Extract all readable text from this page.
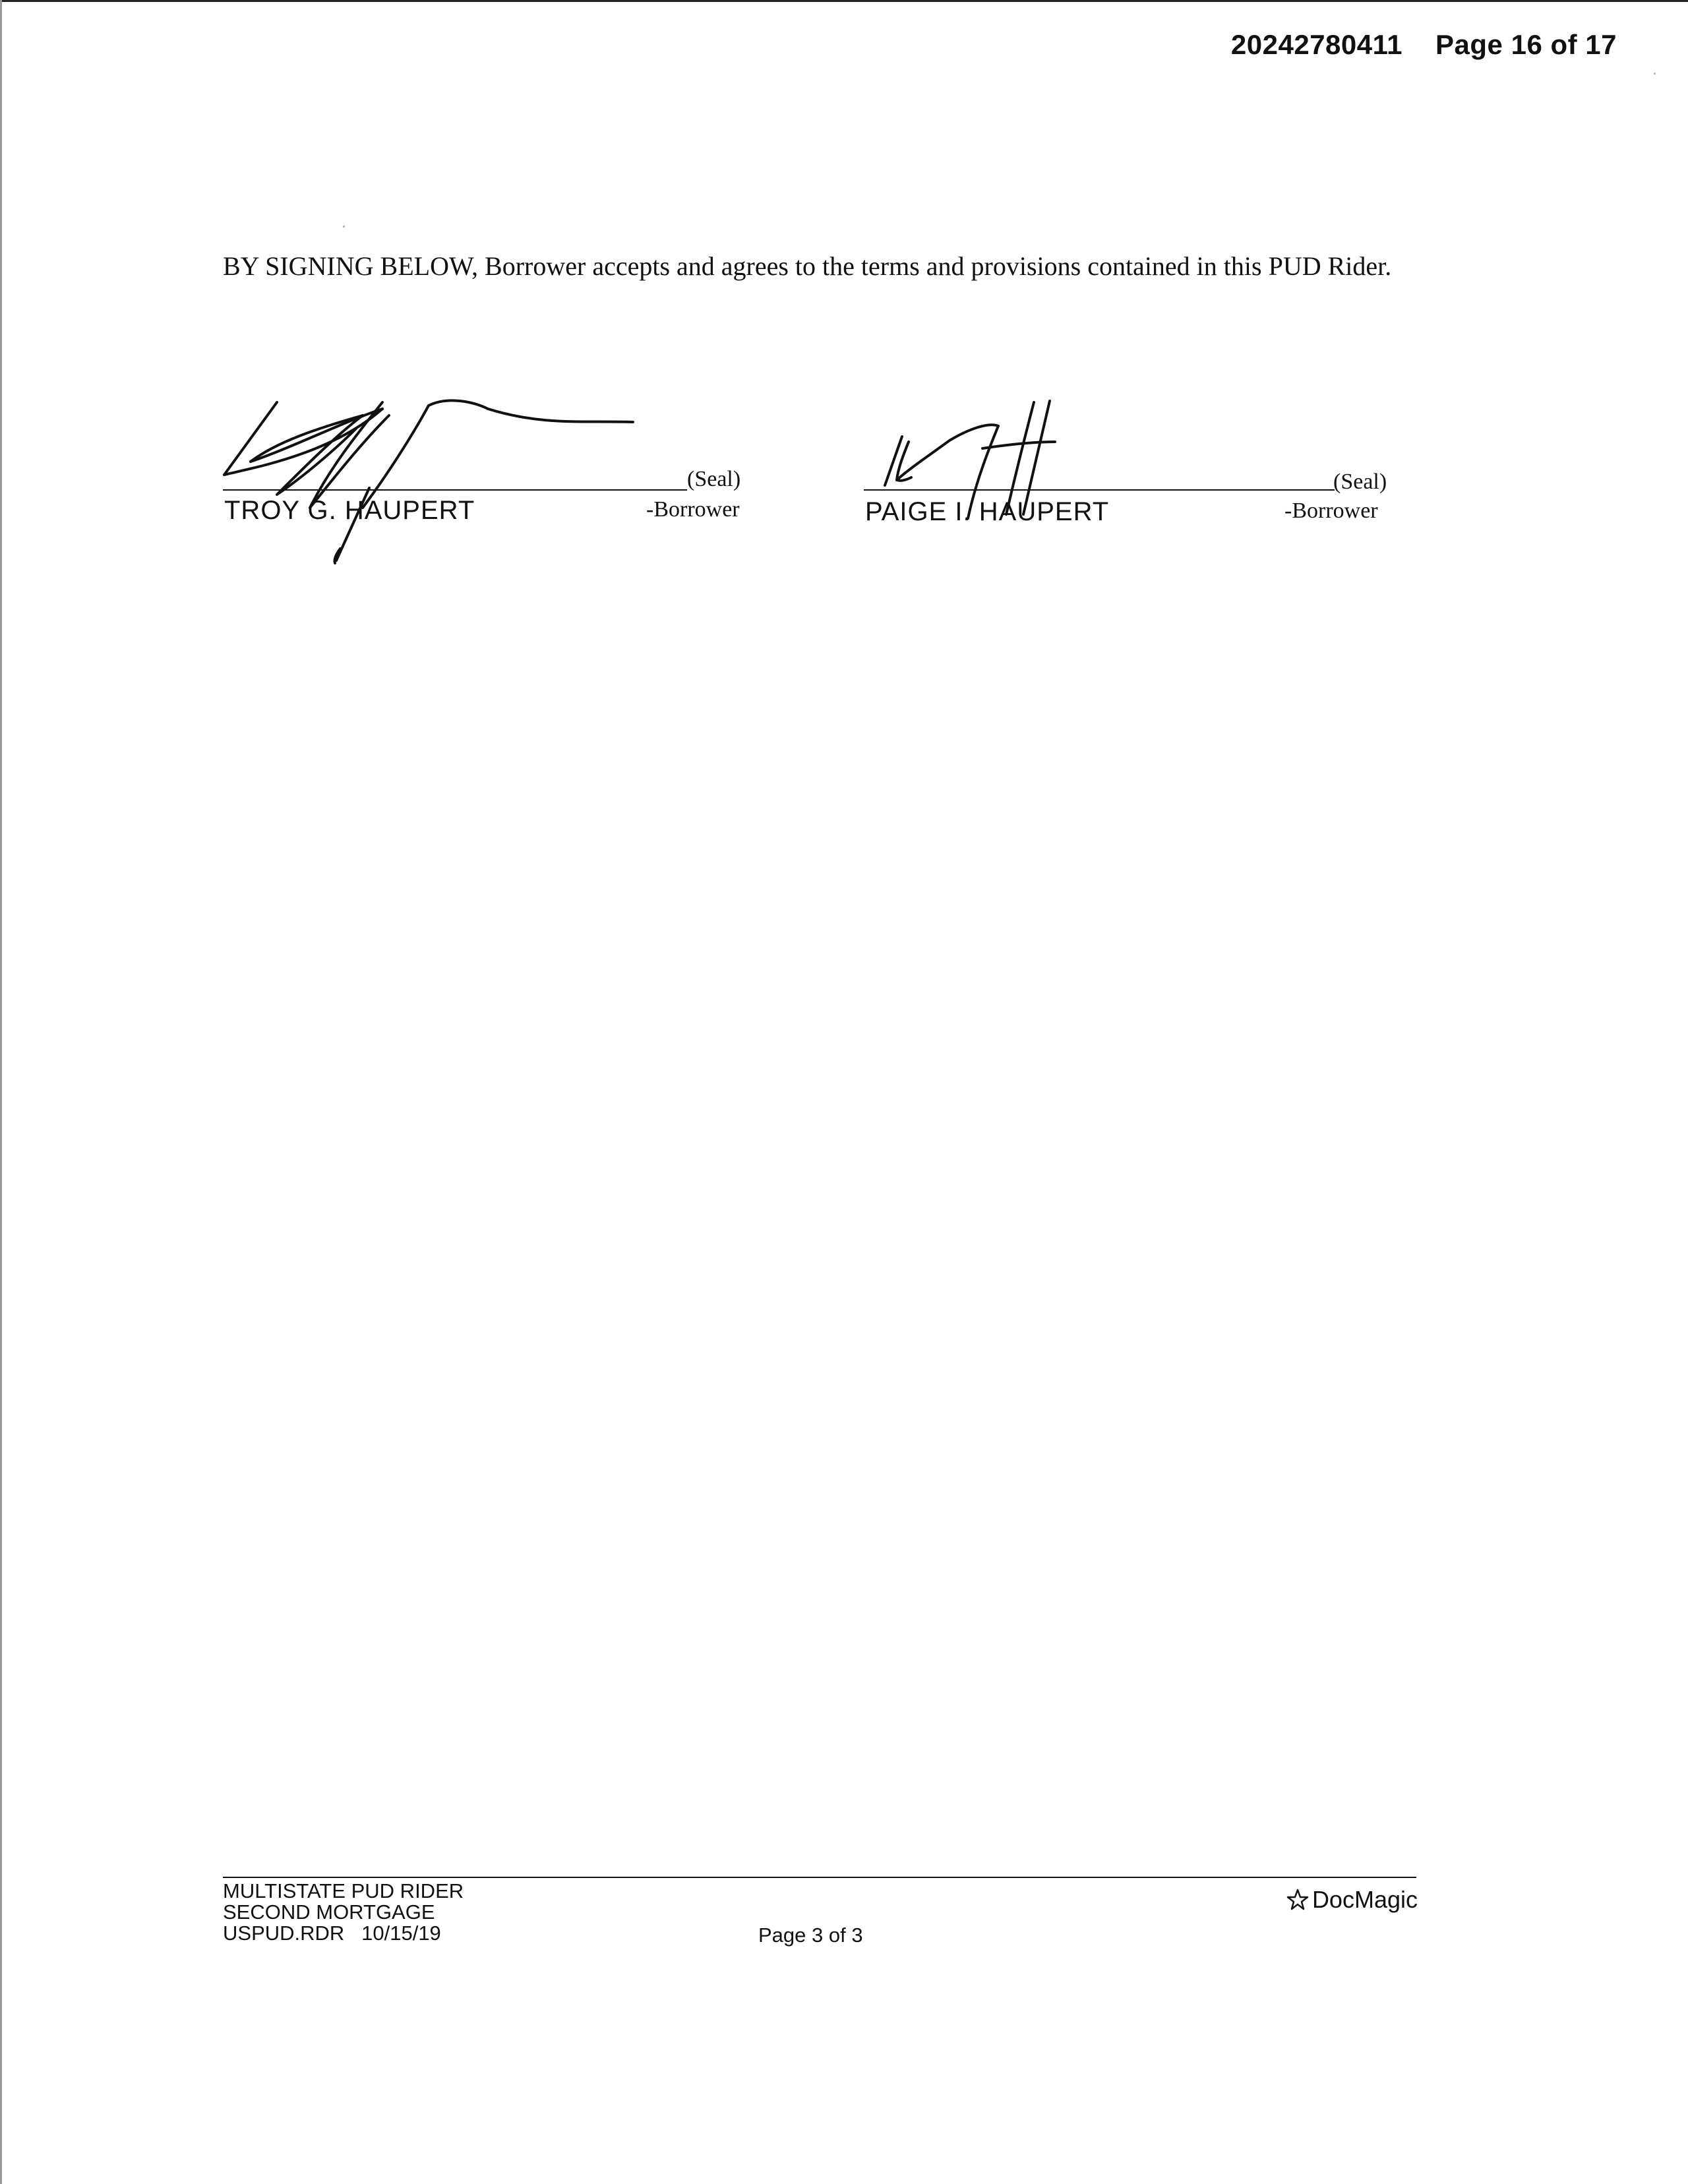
20242780411 Page 16 of 17
BY SIGNING BELOW, Borrower accepts and agrees to the terms and provisions contained in this PUD Rider.
(Seal)
TROY G. HAUPERT	-Borrower
(Seal)
PAIGE I. HAUPERT	-Borrower
MULTISTATE PUD RIDER
SECOND MORTGAGE
USPUD.RDR   10/15/19	Page 3 of 3
DocMagic
